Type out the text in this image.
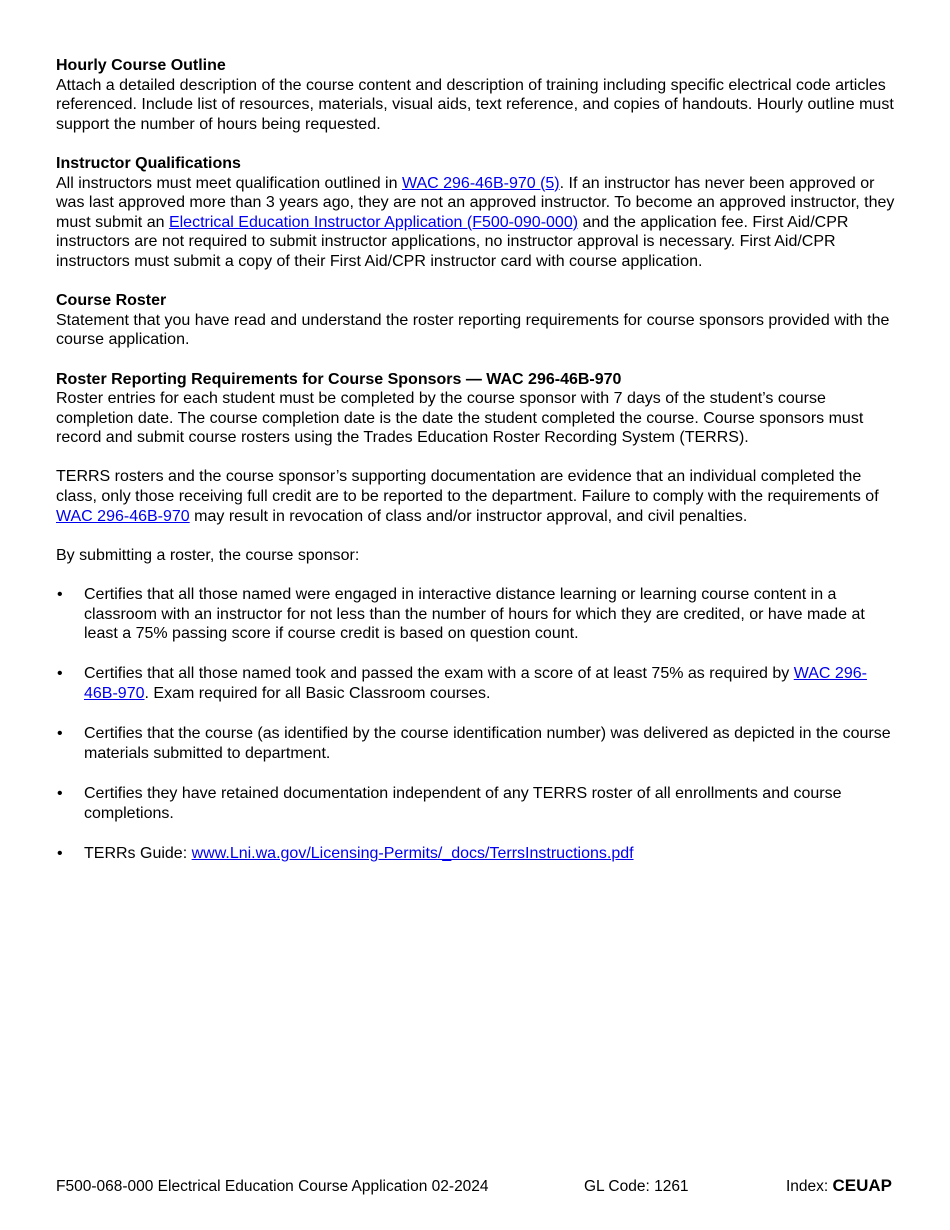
Hourly Course Outline
Attach a detailed description of the course content and description of training including specific electrical code articles referenced. Include list of resources, materials, visual aids, text reference, and copies of handouts. Hourly outline must support the number of hours being requested.
Instructor Qualifications
All instructors must meet qualification outlined in WAC 296-46B-970 (5). If an instructor has never been approved or was last approved more than 3 years ago, they are not an approved instructor. To become an approved instructor, they must submit an Electrical Education Instructor Application (F500-090-000) and the application fee. First Aid/CPR instructors are not required to submit instructor applications, no instructor approval is necessary. First Aid/CPR instructors must submit a copy of their First Aid/CPR instructor card with course application.
Course Roster
Statement that you have read and understand the roster reporting requirements for course sponsors provided with the course application.
Roster Reporting Requirements for Course Sponsors — WAC 296-46B-970
Roster entries for each student must be completed by the course sponsor with 7 days of the student’s course completion date. The course completion date is the date the student completed the course. Course sponsors must record and submit course rosters using the Trades Education Roster Recording System (TERRS).
TERRS rosters and the course sponsor’s supporting documentation are evidence that an individual completed the class, only those receiving full credit are to be reported to the department. Failure to comply with the requirements of WAC 296-46B-970 may result in revocation of class and/or instructor approval, and civil penalties.
By submitting a roster, the course sponsor:
• Certifies that all those named were engaged in interactive distance learning or learning course content in a classroom with an instructor for not less than the number of hours for which they are credited, or have made at least a 75% passing score if course credit is based on question count.
• Certifies that all those named took and passed the exam with a score of at least 75% as required by WAC 296-46B-970. Exam required for all Basic Classroom courses.
• Certifies that the course (as identified by the course identification number) was delivered as depicted in the course materials submitted to department.
• Certifies they have retained documentation independent of any TERRS roster of all enrollments and course completions.
• TERRs Guide: www.Lni.wa.gov/Licensing-Permits/_docs/TerrsInstructions.pdf
F500-068-000 Electrical Education Course Application 02-2024	GL Code: 1261	Index: CEUAP
